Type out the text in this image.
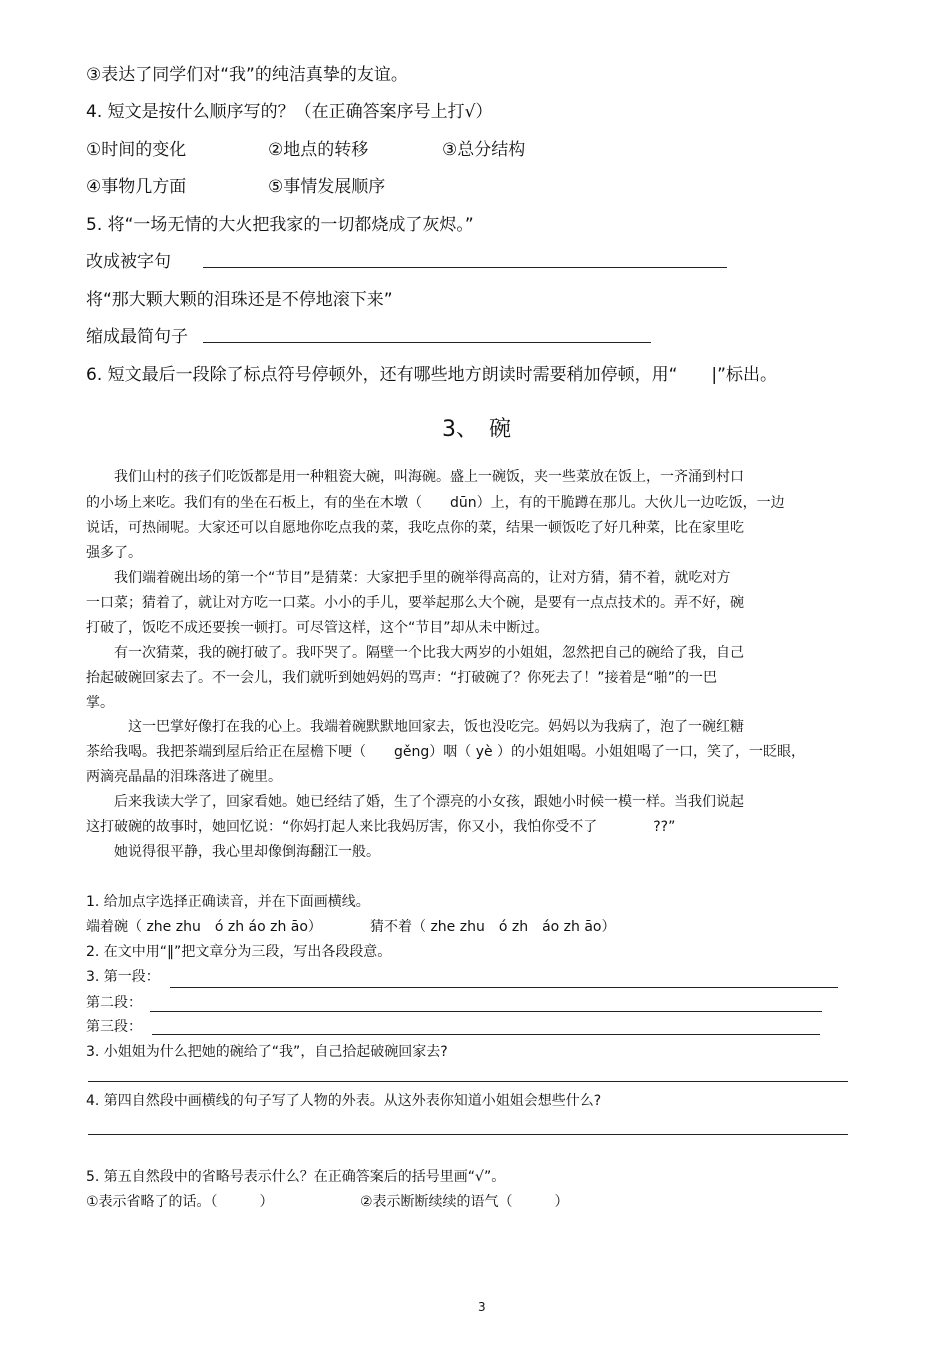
③表达了同学们对“我”的纯洁真挚的友谊。
4. 短文是按什么顺序写的？（在正确答案序号上打√）
①时间的变化	②地点的转移	③总分结构
④事物几方面	⑤事情发展顺序
5. 将“一场无情的大火把我家的一切都烧成了灰烬。”
改成被字句
将“那大颗大颗的泪珠还是不停地滚下来”
缩成最简句子
6. 短文最后一段除了标点符号停顿外，还有哪些地方朗读时需要稍加停顿，用“　　|”标出。
3、　碗
　　我们山村的孩子们吃饭都是用一种粗瓷大碗，叫海碗。盛上一碗饭，夹一些菜放在饭上，一齐涌到村口
的小场上来吃。我们有的坐在石板上，有的坐在木墩（　　dūn）上，有的干脆蹲在那儿。大伙儿一边吃饭，一边
说话，可热闹呢。大家还可以自愿地你吃点我的菜，我吃点你的菜，结果一顿饭吃了好几种菜，比在家里吃
强多了。
　　我们端着碗出场的第一个“节目”是猜菜：大家把手里的碗举得高高的，让对方猜，猜不着，就吃对方
一口菜；猜着了，就让对方吃一口菜。小小的手儿，要举起那么大个碗，是要有一点点技术的。弄不好，碗
打破了，饭吃不成还要挨一顿打。可尽管这样，这个“节目”却从未中断过。
　　有一次猜菜，我的碗打破了。我吓哭了。隔壁一个比我大两岁的小姐姐，忽然把自己的碗给了我，自己
抬起破碗回家去了。不一会儿，我们就听到她妈妈的骂声：“打破碗了？你死去了！”接着是“啪”的一巴
掌。
　　　这一巴掌好像打在我的心上。我端着碗默默地回家去，饭也没吃完。妈妈以为我病了，泡了一碗红糖
茶给我喝。我把茶端到屋后给正在屋檐下哽（　　gěng）咽（ yè ）的小姐姐喝。小姐姐喝了一口，笑了，一眨眼，
两滴亮晶晶的泪珠落进了碗里。
　　后来我读大学了，回家看她。她已经结了婚，生了个漂亮的小女孩，跟她小时候一模一样。当我们说起
这打破碗的故事时，她回忆说：“你妈打起人来比我妈厉害，你又小，我怕你受不了　　　　??”
　　她说得很平静，我心里却像倒海翻江一般。
1. 给加点字选择正确读音，并在下面画横线。
端着碗（ zhe zhu　ó zh áo zh āo）	猜不着（ zhe zhu　ó zh　áo zh āo）
2. 在文中用“‖”把文章分为三段，写出各段段意。
3. 第一段：
第二段：
第三段：
3. 小姐姐为什么把她的碗给了“我”，自己拾起破碗回家去?
4. 第四自然段中画横线的句子写了人物的外表。从这外表你知道小姐姐会想些什么?
5. 第五自然段中的省略号表示什么？在正确答案后的括号里画“√”。
①表示省略了的话。（　　　）	②表示断断续续的语气（　　　）
3
